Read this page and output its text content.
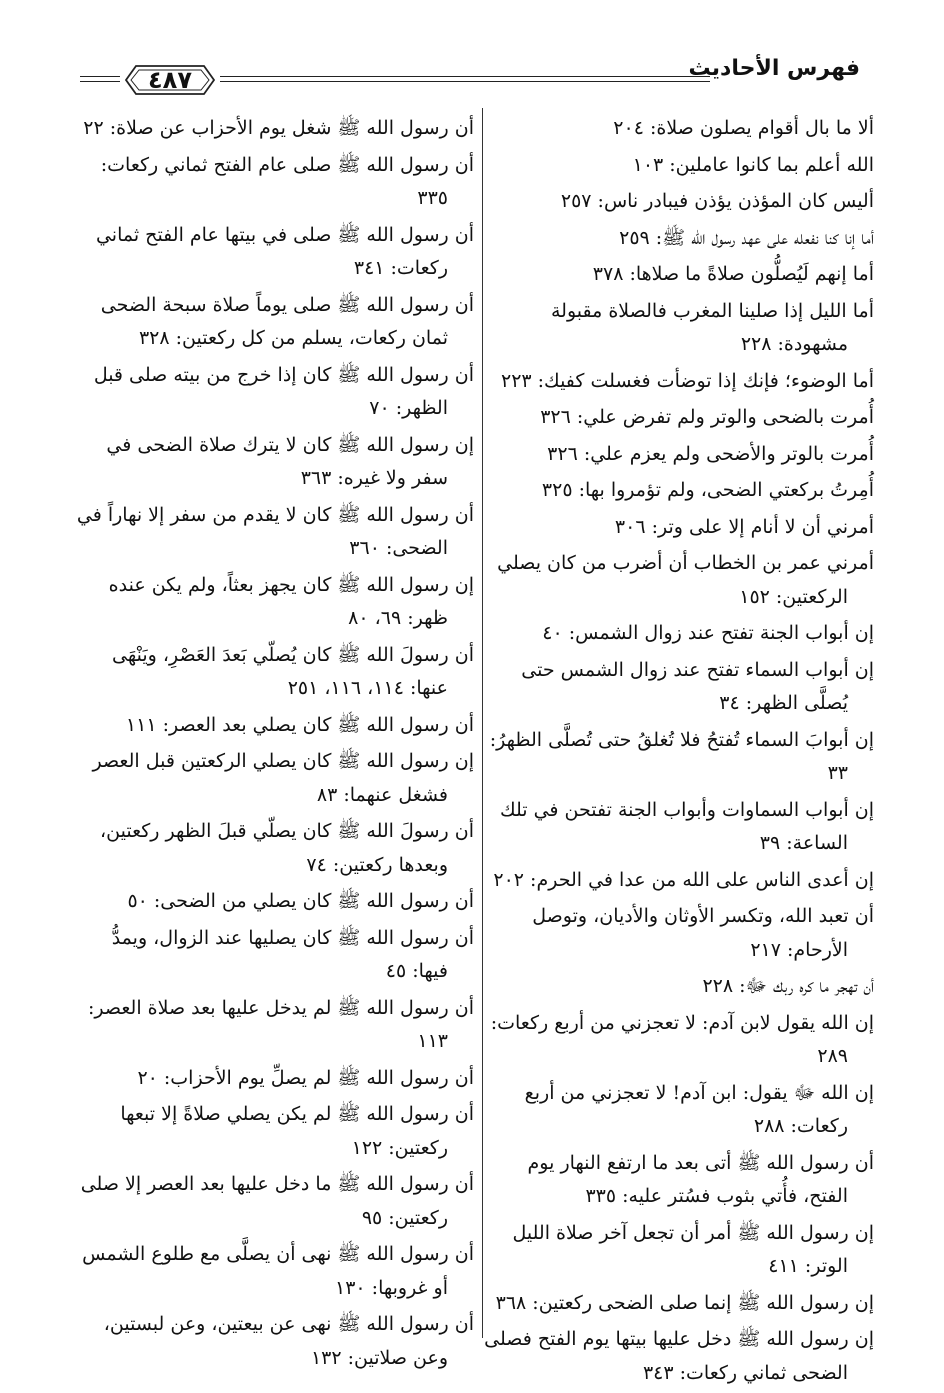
فهرس الأحاديث
٤٨٧
ألا ما بال أقوام يصلون صلاة: ٢٠٤
الله أعلم بما كانوا عاملين: ١٠٣
أليس كان المؤذن يؤذن فيبادر ناس: ٢٥٧
أما إنا كنا نفعله على عهد رسول الله ﷺ: ٢٥٩
أما إنهم لَيُصلُّون صلاةً ما صلاها: ٣٧٨
أما الليل إذا صلينا المغرب فالصلاة مقبولة مشهودة: ٢٢٨
أما الوضوء؛ فإنك إذا توضأت فغسلت كفيك: ٢٢٣
أُمرت بالضحى والوتر ولم تفرض علي: ٣٢٦
أُمرت بالوتر والأضحى ولم يعزم علي: ٣٢٦
أُمِرتُ بركعتي الضحى، ولم تؤمروا بها: ٣٢٥
أمرني أن لا أنام إلا على وتر: ٣٠٦
أمرني عمر بن الخطاب أن أضرب من كان يصلي الركعتين: ١٥٢
إن أبواب الجنة تفتح عند زوال الشمس: ٤٠
إن أبواب السماء تفتح عند زوال الشمس حتى يُصلَّى الظهر: ٣٤
إن أبوابَ السماء تُفتحُ فلا تُغلقُ حتى تُصلَّى الظهرُ: ٣٣
إن أبواب السماوات وأبواب الجنة تفتحن في تلك الساعة: ٣٩
إن أعدى الناس على الله من عدا في الحرم: ٢٠٢
أن تعبد الله، وتكسر الأوثان والأديان، وتوصل الأرحام: ٢١٧
أن تهجر ما كره ربك ﷻ: ٢٢٨
إن الله يقول لابن آدم: لا تعجزني من أربع ركعات: ٢٨٩
إن الله ﷻ يقول: ابن آدم! لا تعجزني من أربع ركعات: ٢٨٨
أن رسول الله ﷺ أتى بعد ما ارتفع النهار يوم الفتح، فأُتي بثوب فسُتر عليه: ٣٣٥
إن رسول الله ﷺ أمر أن تجعل آخر صلاة الليل الوتر: ٤١١
إن رسول الله ﷺ إنما صلى الضحى ركعتين: ٣٦٨
إن رسول الله ﷺ دخل عليها بيتها يوم الفتح فصلى الضحى ثماني ركعات: ٣٤٣
أن رسول الله ﷺ شغل يوم الأحزاب عن صلاة: ٢٢
أن رسول الله ﷺ صلى عام الفتح ثماني ركعات: ٣٣٥
أن رسول الله ﷺ صلى في بيتها عام الفتح ثماني ركعات: ٣٤١
أن رسول الله ﷺ صلى يوماً صلاة سبحة الضحى ثمان ركعات، يسلم من كل ركعتين: ٣٢٨
أن رسول الله ﷺ كان إذا خرج من بيته صلى قبل الظهر: ٧٠
إن رسول الله ﷺ كان لا يترك صلاة الضحى في سفر ولا غيره: ٣٦٣
أن رسول الله ﷺ كان لا يقدم من سفر إلا نهاراً في الضحى: ٣٦٠
إن رسول الله ﷺ كان يجهز بعثاً، ولم يكن عنده ظهر: ٦٩، ٨٠
أن رسولَ الله ﷺ كان يُصلّي بَعدَ العَصْرِ، ويَنْهَى عنها: ١١٤، ١١٦، ٢٥١
أن رسول الله ﷺ كان يصلي بعد العصر: ١١١
إن رسول الله ﷺ كان يصلي الركعتين قبل العصر فشغل عنهما: ٨٣
أن رسولَ الله ﷺ كان يصلّي قبلَ الظهر ركعتين، وبعدها ركعتين: ٧٤
أن رسول الله ﷺ كان يصلي من الضحى: ٥٠
أن رسول الله ﷺ كان يصليها عند الزوال، ويمدُّ فيها: ٤٥
أن رسول الله ﷺ لم يدخل عليها بعد صلاة العصر: ١١٣
أن رسول الله ﷺ لم يصلِّ يوم الأحزاب: ٢٠
أن رسول الله ﷺ لم يكن يصلي صلاةً إلا تبعها ركعتين: ١٢٢
أن رسول الله ﷺ ما دخل عليها بعد العصر إلا صلى ركعتين: ٩٥
أن رسول الله ﷺ نهى أن يصلَّى مع طلوع الشمس أو غروبها: ١٣٠
أن رسول الله ﷺ نهى عن بيعتين، وعن لبستين، وعن صلاتين: ١٣٢
